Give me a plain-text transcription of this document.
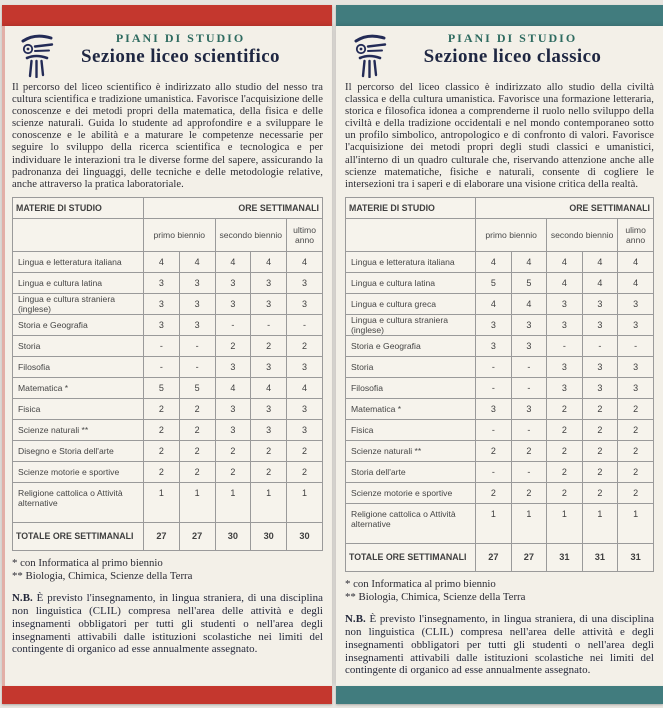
PIANI DI STUDIO
Sezione liceo scientifico

Il percorso del liceo scientifico è indirizzato allo studio del nesso tra cultura scientifica e tradizione umanistica. Favorisce l'acquisizione delle conoscenze e dei metodi propri della matematica, della fisica e delle scienze naturali. Guida lo studente ad approfondire e a sviluppare le conoscenze e le abilità e a maturare le competenze necessarie per seguire lo sviluppo della ricerca scientifica e tecnologica e per individuare le interazioni tra le diverse forme del sapere, assicurando la padronanza dei linguaggi, delle tecniche e delle metodologie relative, anche attraverso la pratica laboratoriale.

MATERIE DI STUDIO	ORE SETTIMANALI				
	primo biennio		secondo biennio		ultimo anno
Lingua e letteratura italiana	4	4	4	4	4
Lingua e cultura latina	3	3	3	3	3
Lingua e cultura straniera (inglese)	3	3	3	3	3
Storia e Geografia	3	3	-	-	-
Storia	-	-	2	2	2
Filosofia	-	-	3	3	3
Matematica *	5	5	4	4	4
Fisica	2	2	3	3	3
Scienze naturali **	2	2	3	3	3
Disegno e Storia dell'arte	2	2	2	2	2
Scienze motorie e sportive	2	2	2	2	2
Religione cattolica o Attività alternative	1	1	1	1	1
TOTALE ORE SETTIMANALI	27	27	30	30	30
* con Informatica al primo biennio
** Biologia, Chimica, Scienze della Terra

N.B. È previsto l'insegnamento, in lingua straniera, di una disciplina non linguistica (CLIL) compresa nell'area delle attività e degli insegnamenti obbligatori per tutti gli studenti o nell'area degli insegnamenti attivabili dalle istituzioni scolastiche nei limiti del contingente di organico ad esse annualmente assegnato.

PIANI DI STUDIO
Sezione liceo classico

Il percorso del liceo classico è indirizzato allo studio della civiltà classica e della cultura umanistica. Favorisce una formazione letteraria, storica e filosofica idonea a comprenderne il ruolo nello sviluppo della civiltà e della tradizione occidentali e nel mondo contemporaneo sotto un profilo simbolico, antropologico e di confronto di valori. Favorisce l'acquisizione dei metodi propri degli studi classici e umanistici, all'interno di un quadro culturale che, riservando attenzione anche alle scienze matematiche, fisiche e naturali, consente di cogliere le intersezioni tra i saperi e di elaborare una visione critica della realtà.

MATERIE DI STUDIO	ORE SETTIMANALI				
	primo biennio		secondo biennio		ulimo anno
Lingua e letteratura italiana	4	4	4	4	4
Lingua e cultura latina	5	5	4	4	4
Lingua e cultura greca	4	4	3	3	3
Lingua e cultura straniera (inglese)	3	3	3	3	3
Storia e Geografia	3	3	-	-	-
Storia	-	-	3	3	3
Filosofia	-	-	3	3	3
Matematica *	3	3	2	2	2
Fisica	-	-	2	2	2
Scienze naturali **	2	2	2	2	2
Storia dell'arte	-	-	2	2	2
Scienze motorie e sportive	2	2	2	2	2
Religione cattolica o Attività alternative	1	1	1	1	1
TOTALE ORE SETTIMANALI	27	27	31	31	31
* con Informatica al primo biennio
** Biologia, Chimica, Scienze della Terra

N.B. È previsto l'insegnamento, in lingua straniera, di una disciplina non linguistica (CLIL) compresa nell'area delle attività e degli insegnamenti obbligatori per tutti gli studenti o nell'area degli insegnamenti attivabili dalle istituzioni scolastiche nei limiti del contingente di organico ad esse annualmente assegnato.
